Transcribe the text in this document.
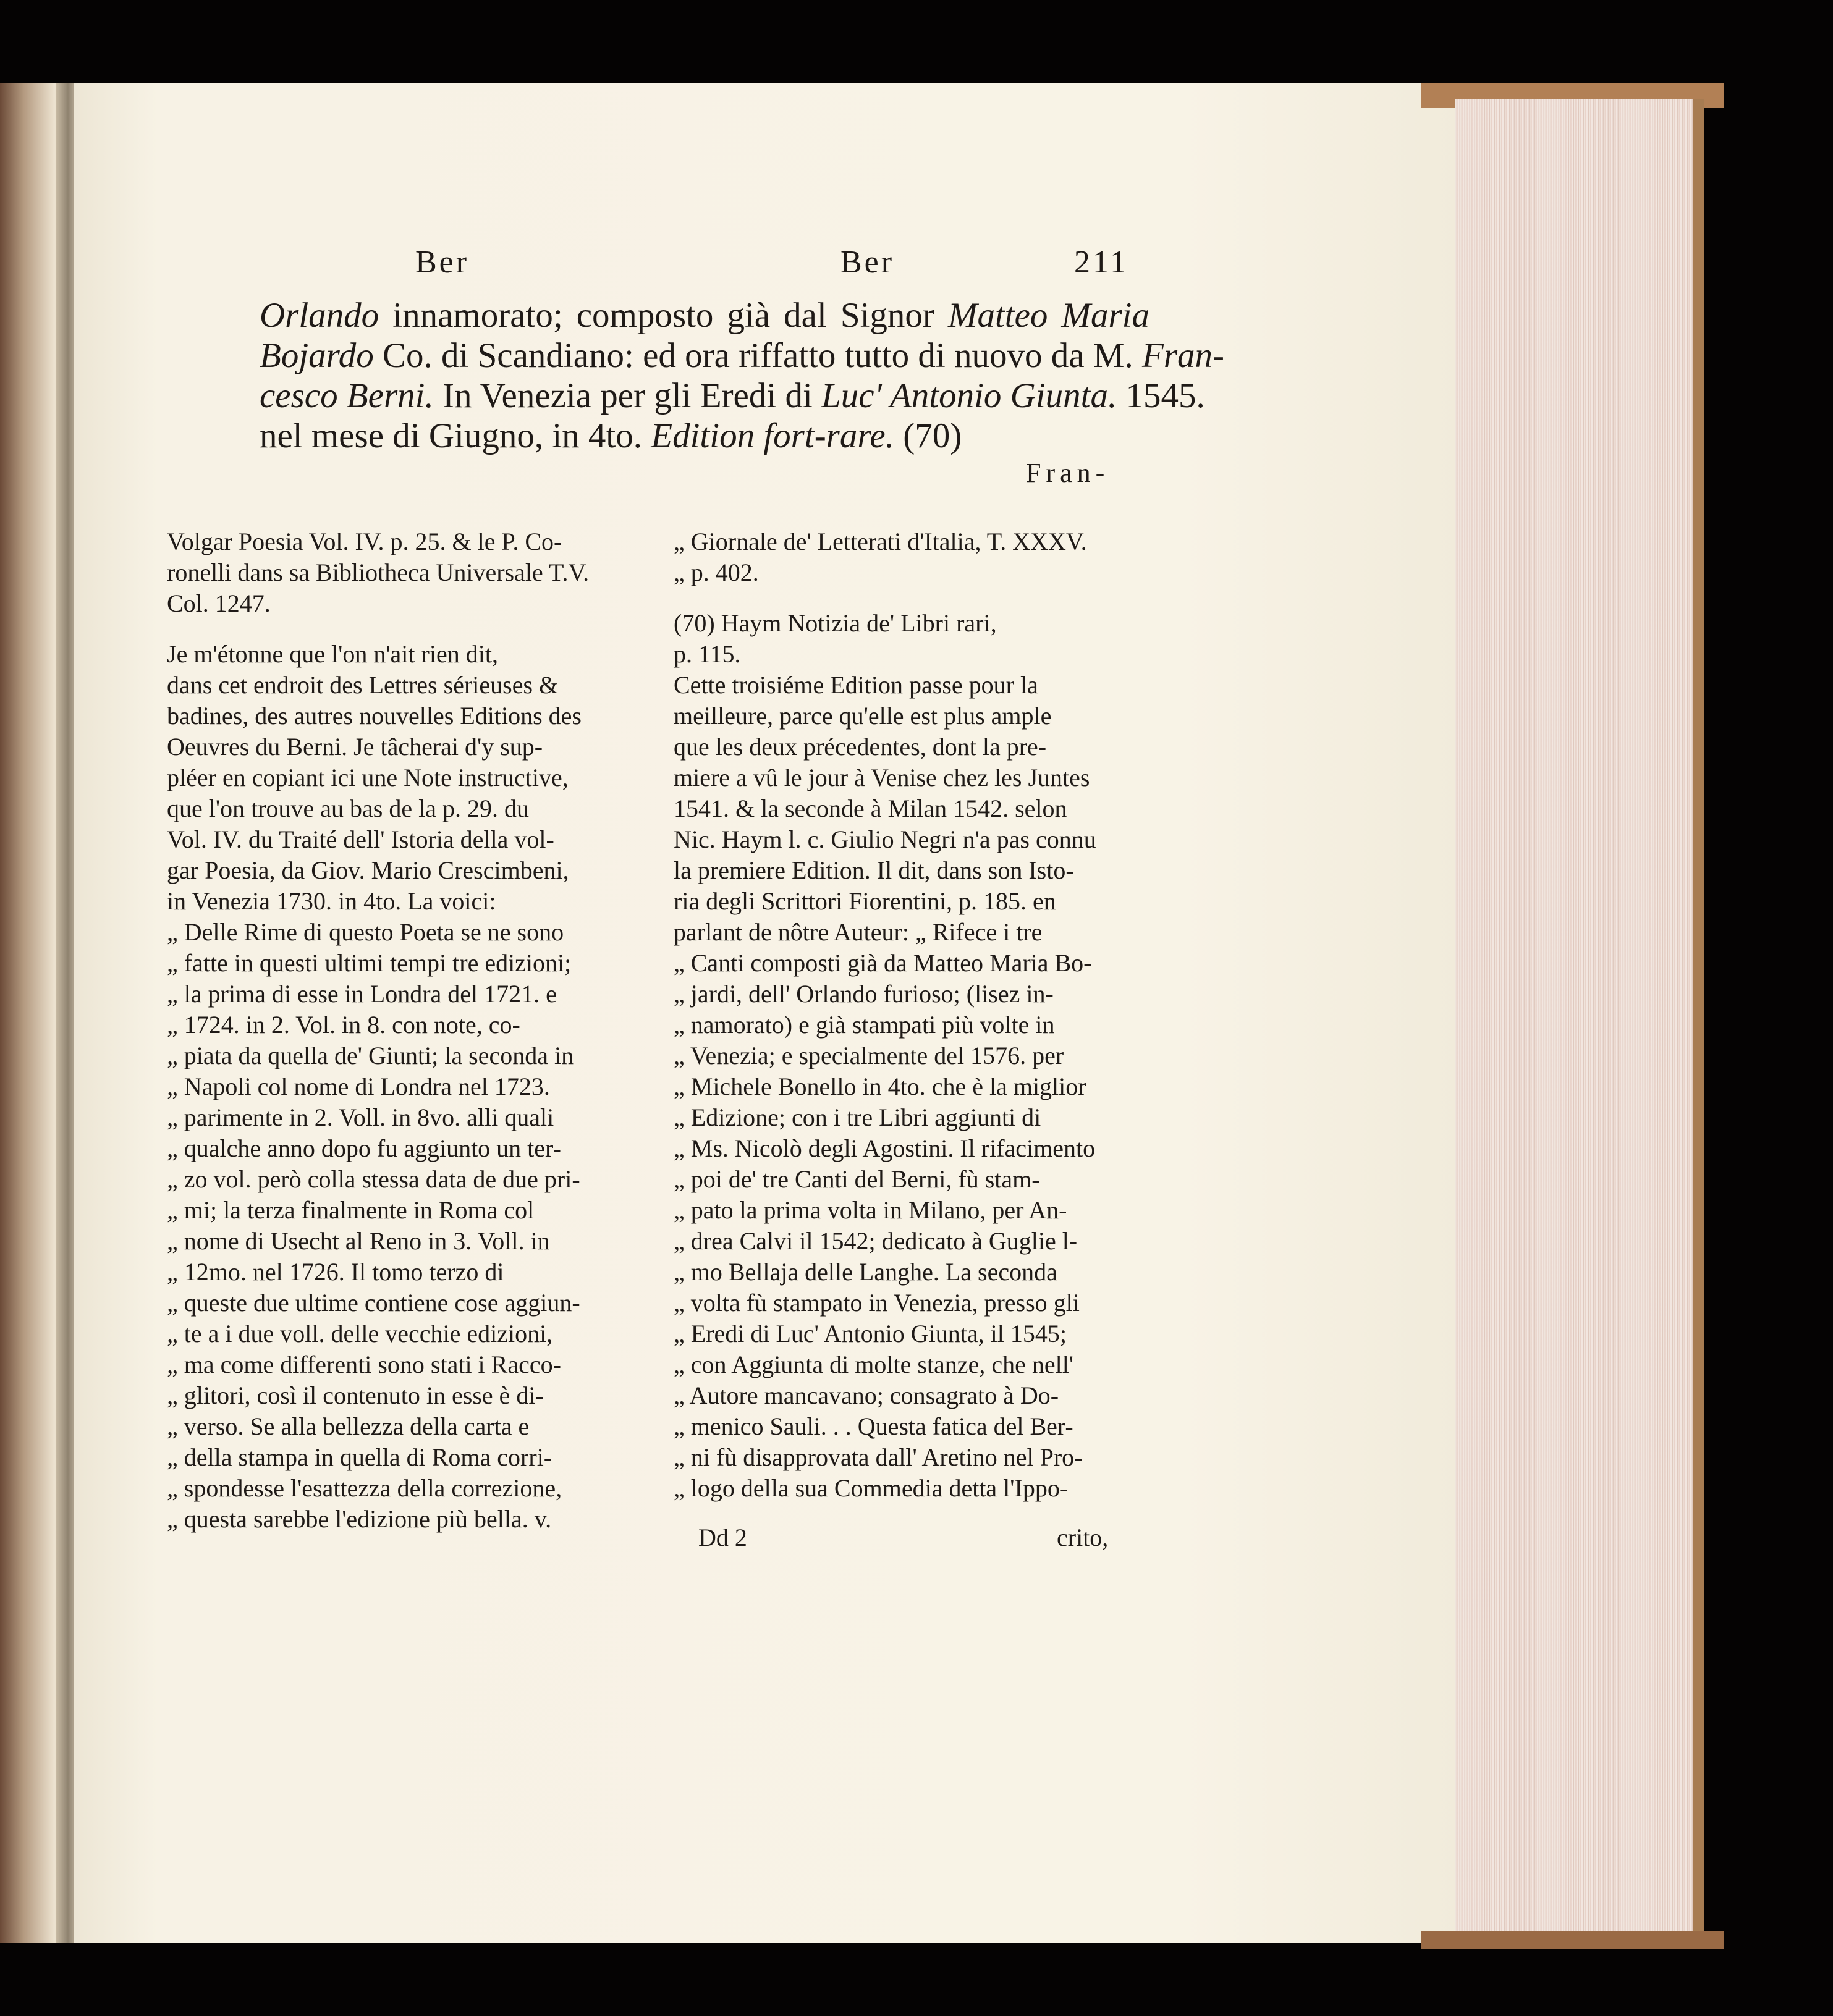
Ber	Ber	211
Orlando innamorato; composto già dal Signor Matteo Maria
Bojardo Co. di Scandiano: ed ora riffatto tutto di nuovo da M. Fran-
cesco Berni. In Venezia per gli Eredi di Luc' Antonio Giunta. 1545.
nel mese di Giugno, in 4to. Edition fort-rare. (70)
Fran-
Volgar Poesia Vol. IV. p. 25. & le P. Co-
ronelli dans sa Bibliotheca Universale T.V.
Col. 1247.
Je m'étonne que l'on n'ait rien dit,
dans cet endroit des Lettres sérieuses &
badines, des autres nouvelles Editions des
Oeuvres du Berni. Je tâcherai d'y sup-
pléer en copiant ici une Note instructive,
que l'on trouve au bas de la p. 29. du
Vol. IV. du Traité dell' Istoria della vol-
gar Poesia, da Giov. Mario Crescimbeni,
in Venezia 1730. in 4to. La voici:
„ Delle Rime di questo Poeta se ne sono
„ fatte in questi ultimi tempi tre edizioni;
„ la prima di esse in Londra del 1721. e
„ 1724. in 2. Vol. in 8. con note, co-
„ piata da quella de' Giunti; la seconda in
„ Napoli col nome di Londra nel 1723.
„ parimente in 2. Voll. in 8vo. alli quali
„ qualche anno dopo fu aggiunto un ter-
„ zo vol. però colla stessa data de due pri-
„ mi; la terza finalmente in Roma col
„ nome di Usecht al Reno in 3. Voll. in
„ 12mo. nel 1726. Il tomo terzo di
„ queste due ultime contiene cose aggiun-
„ te a i due voll. delle vecchie edizioni,
„ ma come differenti sono stati i Racco-
„ glitori, così il contenuto in esse è di-
„ verso. Se alla bellezza della carta e
„ della stampa in quella di Roma corri-
„ spondesse l'esattezza della correzione,
„ questa sarebbe l'edizione più bella. v.
„ Giornale de' Letterati d'Italia, T. XXXV.
„ p. 402.
(70) Haym Notizia de' Libri rari,
p. 115.
Cette troisiéme Edition passe pour la
meilleure, parce qu'elle est plus ample
que les deux précedentes, dont la pre-
miere a vû le jour à Venise chez les Juntes
1541. & la seconde à Milan 1542. selon
Nic. Haym l. c. Giulio Negri n'a pas connu
la premiere Edition. Il dit, dans son Isto-
ria degli Scrittori Fiorentini, p. 185. en
parlant de nôtre Auteur: „ Rifece i tre
„ Canti composti già da Matteo Maria Bo-
„ jardi, dell' Orlando furioso; (lisez in-
„ namorato) e già stampati più volte in
„ Venezia; e specialmente del 1576. per
„ Michele Bonello in 4to. che è la miglior
„ Edizione; con i tre Libri aggiunti di
„ Ms. Nicolò degli Agostini. Il rifacimento
„ poi de' tre Canti del Berni, fù stam-
„ pato la prima volta in Milano, per An-
„ drea Calvi il 1542; dedicato à Guglie l-
„ mo Bellaja delle Langhe. La seconda
„ volta fù stampato in Venezia, presso gli
„ Eredi di Luc' Antonio Giunta, il 1545;
„ con Aggiunta di molte stanze, che nell'
„ Autore mancavano; consagrato à Do-
„ menico Sauli. . . Questa fatica del Ber-
„ ni fù disapprovata dall' Aretino nel Pro-
„ logo della sua Commedia detta l'Ippo-
Dd 2	crito,
